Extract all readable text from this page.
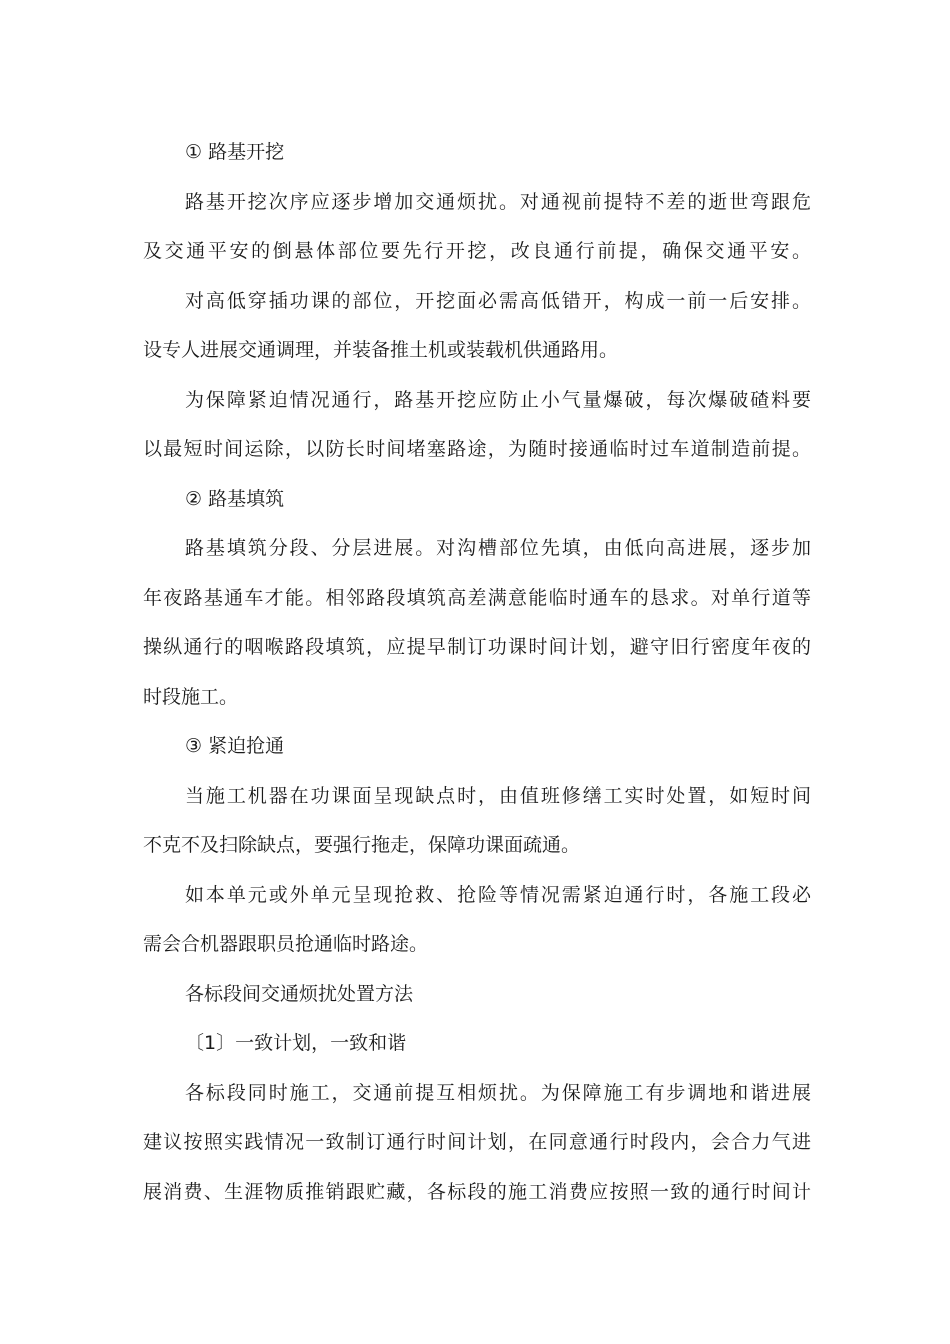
① 路基开挖
路基开挖次序应逐步增加交通烦扰。对通视前提特不差的逝世弯跟危
及交通平安的倒悬体部位要先行开挖，改良通行前提，确保交通平安。
对高低穿插功课的部位，开挖面必需高低错开，构成一前一后安排。
设专人进展交通调理，并装备推土机或装载机供通路用。
为保障紧迫情况通行，路基开挖应防止小气量爆破，每次爆破碴料要
以最短时间运除，以防长时间堵塞路途，为随时接通临时过车道制造前提。
② 路基填筑
路基填筑分段、分层进展。对沟槽部位先填，由低向高进展，逐步加
年夜路基通车才能。相邻路段填筑高差满意能临时通车的恳求。对单行道等
操纵通行的咽喉路段填筑，应提早制订功课时间计划，避守旧行密度年夜的
时段施工。
③ 紧迫抢通
当施工机器在功课面呈现缺点时，由值班修缮工实时处置，如短时间
不克不及扫除缺点，要强行拖走，保障功课面疏通。
如本单元或外单元呈现抢救、抢险等情况需紧迫通行时，各施工段必
需会合机器跟职员抢通临时路途。
各标段间交通烦扰处置方法
〔1〕一致计划，一致和谐
各标段同时施工，交通前提互相烦扰。为保障施工有步调地和谐进展
建议按照实践情况一致制订通行时间计划，在同意通行时段内，会合力气进
展消费、生涯物质推销跟贮藏，各标段的施工消费应按照一致的通行时间计
